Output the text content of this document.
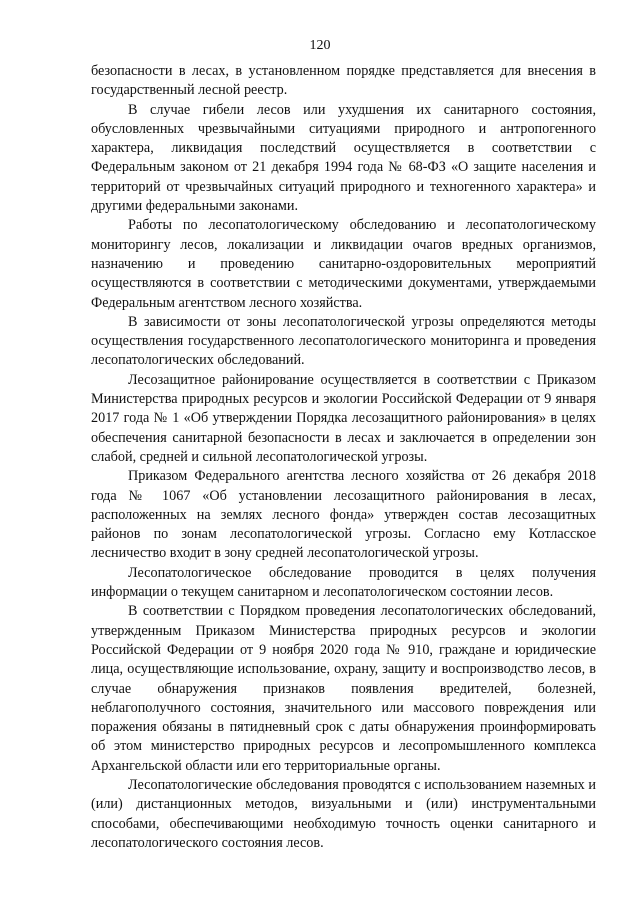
120

безопасности в лесах, в установленном порядке представляется для внесения в государственный лесной реестр.

В случае гибели лесов или ухудшения их санитарного состояния, обусловленных чрезвычайными ситуациями природного и антропогенного характера, ликвидация последствий осуществляется в соответствии с Федеральным законом от 21 декабря 1994 года № 68-ФЗ «О защите населения и территорий от чрезвычайных ситуаций природного и техногенного характера» и другими федеральными законами.

Работы по лесопатологическому обследованию и лесопатологическому мониторингу лесов, локализации и ликвидации очагов вредных организмов, назначению и проведению санитарно-оздоровительных мероприятий осуществляются в соответствии с методическими документами, утверждаемыми Федеральным агентством лесного хозяйства.

В зависимости от зоны лесопатологической угрозы определяются методы осуществления государственного лесопатологического мониторинга и проведения лесопатологических обследований.

Лесозащитное районирование осуществляется в соответствии с Приказом Министерства природных ресурсов и экологии Российской Федерации от 9 января 2017 года № 1 «Об утверждении Порядка лесозащитного районирования» в целях обеспечения санитарной безопасности в лесах и заключается в определении зон слабой, средней и сильной лесопатологической угрозы.

Приказом Федерального агентства лесного хозяйства от 26 декабря 2018 года № 1067 «Об установлении лесозащитного районирования в лесах, расположенных на землях лесного фонда» утвержден состав лесозащитных районов по зонам лесопатологической угрозы. Согласно ему Котласское лесничество входит в зону средней лесопатологической угрозы.

Лесопатологическое обследование проводится в целях получения информации о текущем санитарном и лесопатологическом состоянии лесов.

В соответствии с Порядком проведения лесопатологических обследований, утвержденным Приказом Министерства природных ресурсов и экологии Российской Федерации от 9 ноября 2020 года № 910, граждане и юридические лица, осуществляющие использование, охрану, защиту и воспроизводство лесов, в случае обнаружения признаков появления вредителей, болезней, неблагополучного состояния, значительного или массового повреждения или поражения обязаны в пятидневный срок с даты обнаружения проинформировать об этом министерство природных ресурсов и лесопромышленного комплекса Архангельской области или его территориальные органы.

Лесопатологические обследования проводятся с использованием наземных и (или) дистанционных методов, визуальными и (или) инструментальными способами, обеспечивающими необходимую точность оценки санитарного и лесопатологического состояния лесов.
